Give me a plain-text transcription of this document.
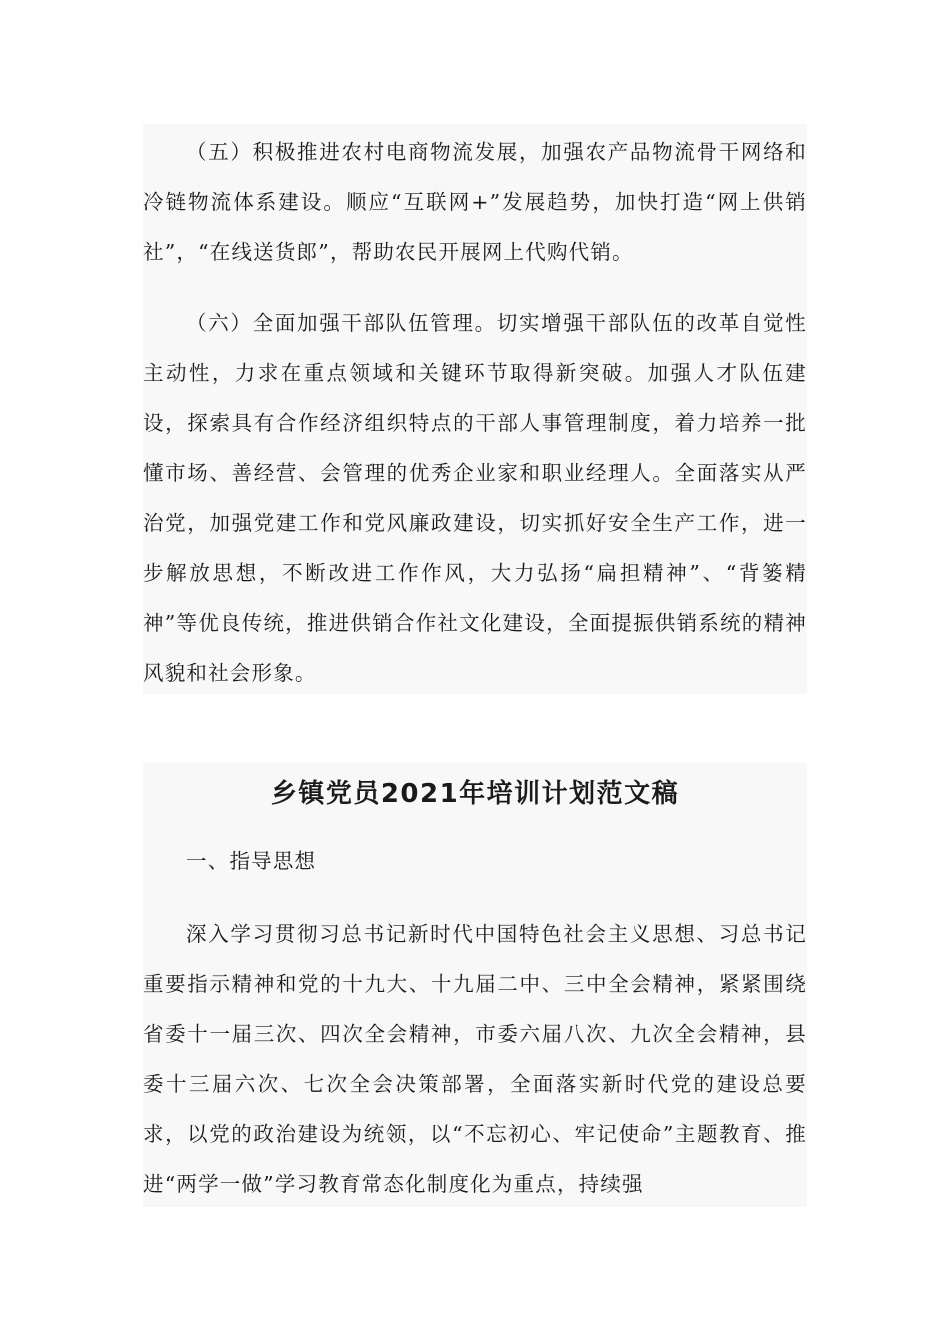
（五）积极推进农村电商物流发展，加强农产品物流骨干网络和冷链物流体系建设。顺应“互联网+”发展趋势，加快打造“网上供销社”，“在线送货郎”，帮助农民开展网上代购代销。

（六）全面加强干部队伍管理。切实增强干部队伍的改革自觉性主动性，力求在重点领域和关键环节取得新突破。加强人才队伍建设，探索具有合作经济组织特点的干部人事管理制度，着力培养一批懂市场、善经营、会管理的优秀企业家和职业经理人。全面落实从严治党，加强党建工作和党风廉政建设，切实抓好安全生产工作，进一步解放思想，不断改进工作作风，大力弘扬“扁担精神”、“背篓精神”等优良传统，推进供销合作社文化建设，全面提振供销系统的精神风貌和社会形象。

乡镇党员2021年培训计划范文稿

一、指导思想

深入学习贯彻习总书记新时代中国特色社会主义思想、习总书记重要指示精神和党的十九大、十九届二中、三中全会精神，紧紧围绕省委十一届三次、四次全会精神，市委六届八次、九次全会精神，县委十三届六次、七次全会决策部署，全面落实新时代党的建设总要求，以党的政治建设为统领，以“不忘初心、牢记使命”主题教育、推进“两学一做”学习教育常态化制度化为重点，持续强
